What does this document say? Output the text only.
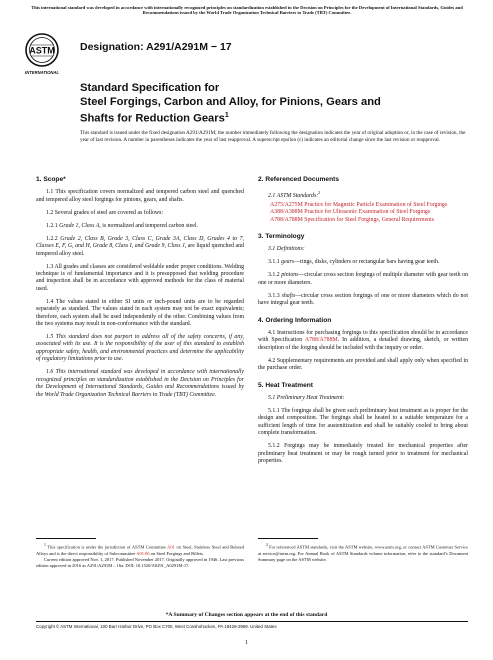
This international standard was developed in accordance with internationally recognized principles on standardization established in the Decision on Principles for the Development of International Standards, Guides and Recommendations issued by the World Trade Organization Technical Barriers to Trade (TBT) Committee.
ASTM
INTERNATIONAL
Designation: A291/A291M − 17
Standard Specification for
Steel Forgings, Carbon and Alloy, for Pinions, Gears and
Shafts for Reduction Gears$^1$
This standard is issued under the fixed designation A291/A291M; the number immediately following the designation indicates the year of original adoption or, in the case of revision, the year of last revision. A number in parentheses indicates the year of last reapproval. A superscript epsilon (ε) indicates an editorial change since the last revision or reapproval.
1. Scope*

1.1 This specification covers normalized and tempered carbon steel and quenched and tempered alloy steel forgings for pinions, gears, and shafts.

1.2 Several grades of steel are covered as follows:

1.2.1 Grade 1, Class A, is normalized and tempered carbon steel.

1.2.2 Grade 2, Class B, Grade 3, Class C, Grade 3A, Class D, Grades 4 to 7, Classes E, F, G, and H, Grade 8, Class I, and Grade 9, Class J, are liquid quenched and tempered alloy steel.

1.3 All grades and classes are considered weldable under proper conditions. Welding technique is of fundamental importance and it is presupposed that welding procedure and inspection shall be in accordance with approved methods for the class of material used.

1.4 The values stated in either SI units or inch-pound units are to be regarded separately as standard. The values stated in each system may not be exact equivalents; therefore, each system shall be used independently of the other. Combining values from the two systems may result in non-conformance with the standard.

1.5 This standard does not purport to address all of the safety concerns, if any, associated with its use. It is the responsibility of the user of this standard to establish appropriate safety, health, and environmental practices and determine the applicability of regulatory limitations prior to use.

1.6 This international standard was developed in accordance with internationally recognized principles on standardization established in the Decision on Principles for the Development of International Standards, Guides and Recommendations issued by the World Trade Organization Technical Barriers to Trade (TBT) Committee.

2. Referenced Documents

2.1 ASTM Standards:$^2$

A275/A275M Practice for Magnetic Particle Examination of Steel Forgings
A388/A388M Practice for Ultrasonic Examination of Steel Forgings
A788/A788M Specification for Steel Forgings, General Requirements
3. Terminology

3.1 Definitions:

3.1.1 gears—rings, disks, cylinders or rectangular bars having gear teeth.

3.1.2 pinions—circular cross section forgings of multiple diameter with gear teeth on one or more diameters.

3.1.3 shafts—circular cross section forgings of one or more diameters which do not have integral gear teeth.

4. Ordering Information

4.1 Instructions for purchasing forgings to this specification should be in accordance with Specification A788/A788M. In addition, a detailed drawing, sketch, or written description of the forging should be included with the inquiry or order.

4.2 Supplementary requirements are provided and shall apply only when specified in the purchase order.

5. Heat Treatment

5.1 Preliminary Heat Treatment:

5.1.1 The forgings shall be given such preliminary heat treatment as is proper for the design and composition. The forgings shall be heated to a suitable temperature for a sufficient length of time for austenitization and shall be suitably cooled to bring about complete transformation.

5.1.2 Forgings may be immediately treated for mechanical properties after preliminary heat treatment or may be rough turned prior to treatment for mechanical properties.

$^1$ This specification is under the jurisdiction of ASTM Committee A01 on Steel, Stainless Steel and Related Alloys and is the direct responsibility of Subcommittee A01.06 on Steel Forgings and Billets.
Current edition approved Nov. 1, 2017. Published November 2017. Originally approved in 1946. Last previous edition approved in 2016 as A291/A291M – 16a. DOI: 10.1520/A0291_A0291M-17.
$^2$ For referenced ASTM standards, visit the ASTM website, www.astm.org, or contact ASTM Customer Service at service@astm.org. For Annual Book of ASTM Standards volume information, refer to the standard’s Document Summary page on the ASTM website.
*A Summary of Changes section appears at the end of this standard
Copyright © ASTM International, 100 Barr Harbor Drive, PO Box C700, West Conshohocken, PA 19428-2959. United States
1
